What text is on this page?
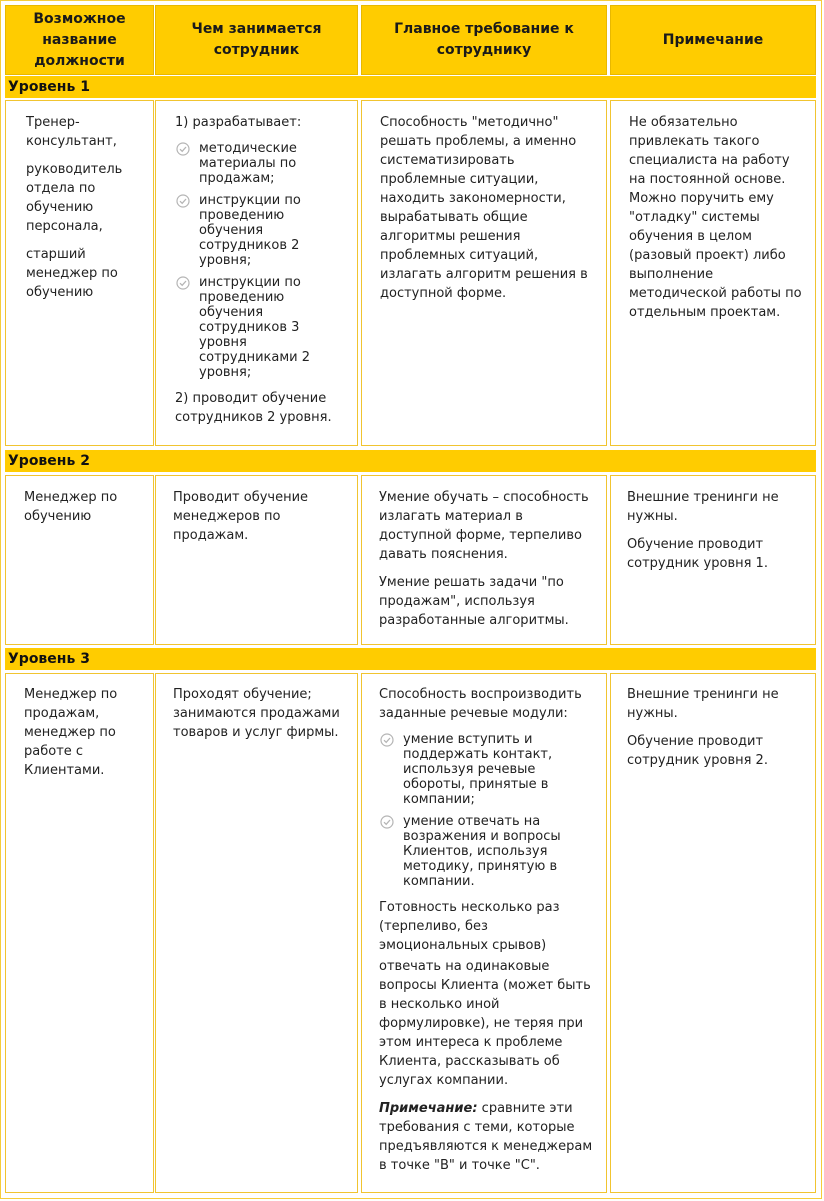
Возможное название должности
Чем занимается сотрудник
Главное требование к сотруднику
Примечание
Уровень 1

Тренер-консультант,

руководитель отдела по обучению персонала,

старший менеджер по обучению

1) разрабатывает:

методические материалы по продажам;
инструкции по проведению обучения сотрудников 2 уровня;
инструкции по проведению обучения сотрудников 3 уровня сотрудниками 2 уровня;

2) проводит обучение сотрудников 2 уровня.

Способность "методично" решать проблемы, а именно систематизировать проблемные ситуации, находить закономерности, вырабатывать общие алгоритмы решения проблемных ситуаций, излагать алгоритм решения в доступной форме.

Не обязательно привлекать такого специалиста на работу на постоянной основе. Можно поручить ему "отладку" системы обучения в целом (разовый проект) либо выполнение методической работы по отдельным проектам.

Уровень 2

Менеджер по обучению

Проводит обучение менеджеров по продажам.

Умение обучать – способность излагать материал в доступной форме, терпеливо давать пояснения.

Умение решать задачи "по продажам", используя разработанные алгоритмы.

Внешние тренинги не нужны.

Обучение проводит сотрудник уровня 1.

Уровень 3

Менеджер по продажам, менеджер по работе с Клиентами.

Проходят обучение; занимаются продажами товаров и услуг фирмы.

Способность воспроизводить заданные речевые модули:

умение вступить и поддержать контакт, используя речевые обороты, принятые в компании;
умение отвечать на возражения и вопросы Клиентов, используя методику, принятую в компании.

Готовность несколько раз (терпеливо, без эмоциональных срывов)

отвечать на одинаковые вопросы Клиента (может быть в несколько иной формулировке), не теряя при этом интереса к проблеме Клиента, рассказывать об услугах компании.

Примечание: сравните эти требования с теми, которые предъявляются к менеджерам в точке "B" и точке "C".

Внешние тренинги не нужны.

Обучение проводит сотрудник уровня 2.
